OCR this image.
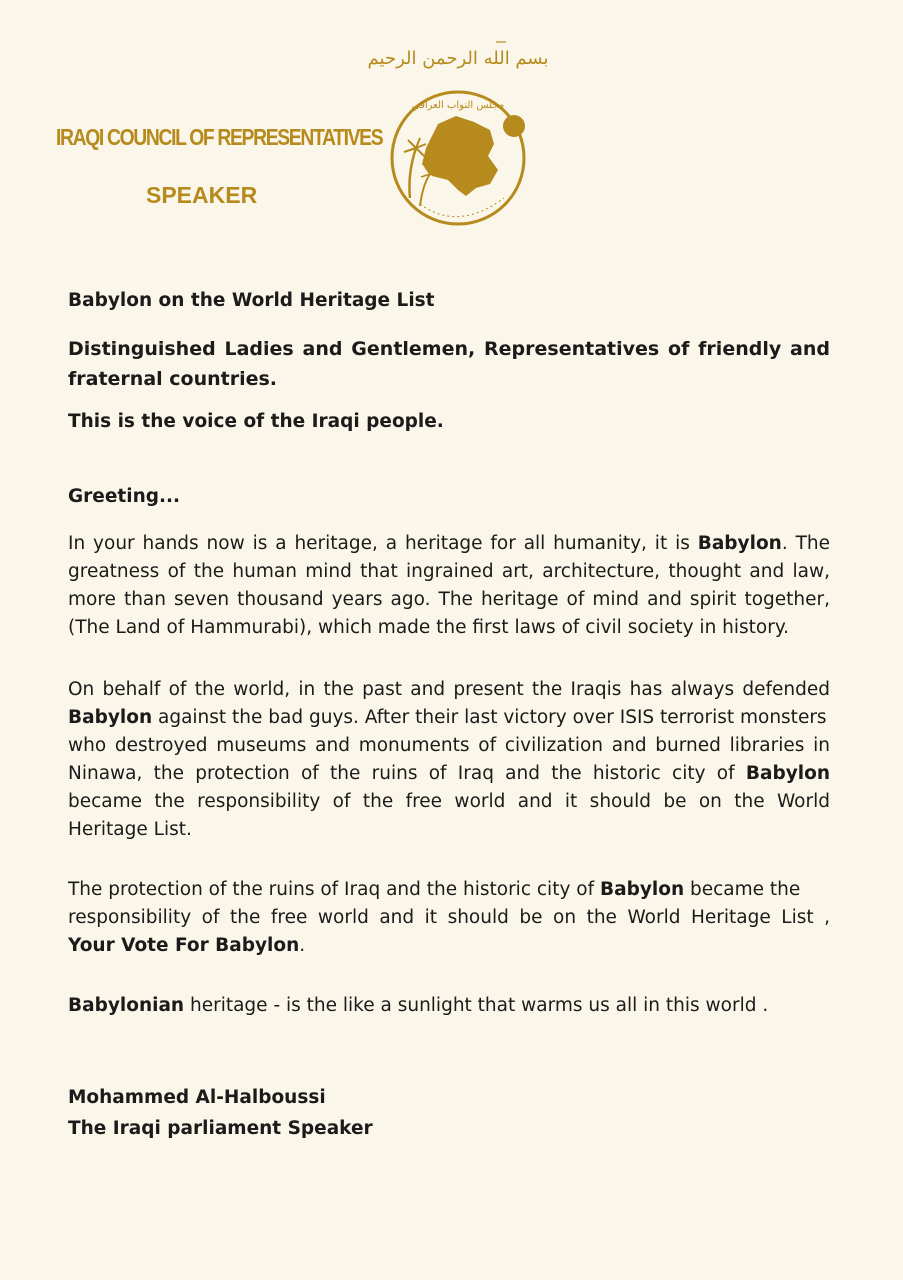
بسم الله الرحمن الرحيم
IRAQI COUNCIL OF REPRESENTATIVES
SPEAKER
مجلس النواب العراقي
Babylon on the World Heritage List
Distinguished Ladies and Gentlemen, Representatives of friendly and
fraternal countries.
This is the voice of the Iraqi people.
Greeting...
In your hands now is a heritage, a heritage for all humanity, it is Babylon. The
greatness of the human mind that ingrained art, architecture, thought and law,
more than seven thousand years ago. The heritage of mind and spirit together,
(The Land of Hammurabi), which made the first laws of civil society in history.
On behalf of the world, in the past and present the Iraqis has always defended
Babylon against the bad guys. After their last victory over ISIS terrorist monsters
who destroyed museums and monuments of civilization and burned libraries in
Ninawa, the protection of the ruins of Iraq and the historic city of Babylon
became the responsibility of the free world and it should be on the World
Heritage List.
The protection of the ruins of Iraq and the historic city of Babylon became the
responsibility of the free world and it should be on the World Heritage List ,
Your Vote For Babylon.
Babylonian heritage - is the like a sunlight that warms us all in this world .
Mohammed Al-Halboussi
The Iraqi parliament Speaker
